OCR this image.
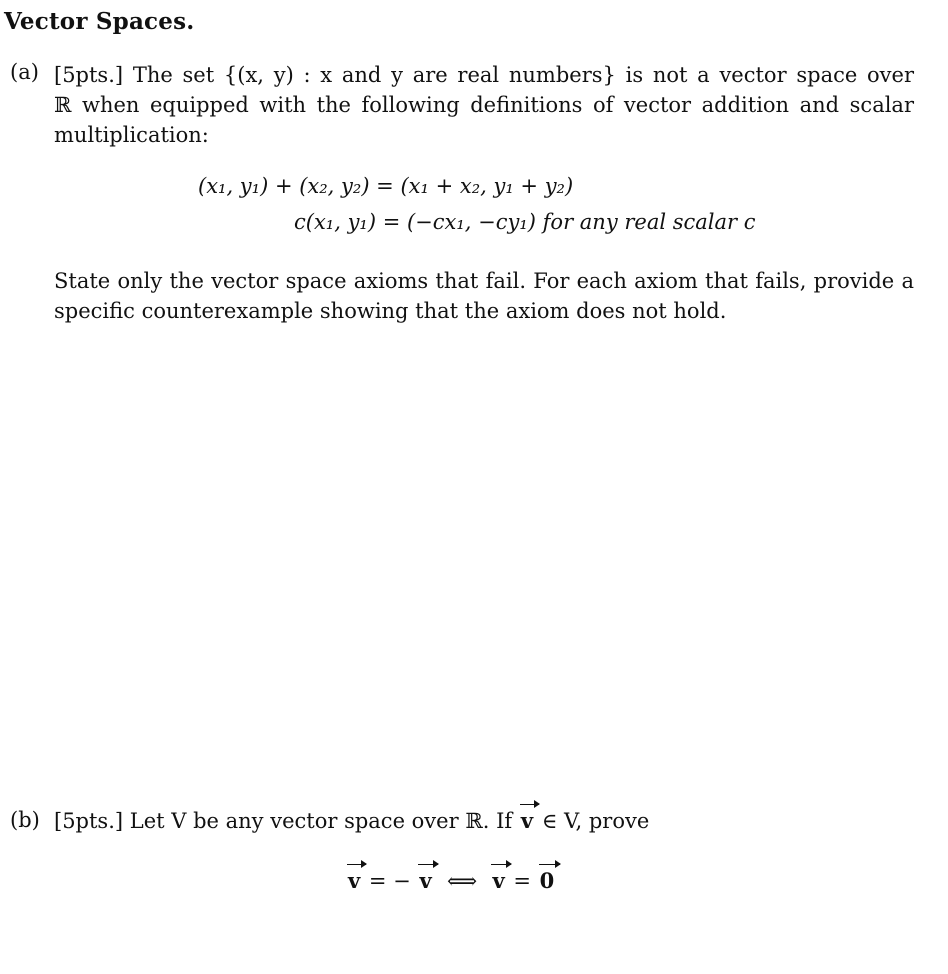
Vector Spaces.
(a) [5pts.] The set {(x, y) : x and y are real numbers} is not a vector space over
ℝ when equipped with the following definitions of vector addition and scalar
multiplication:
(x₁, y₁) + (x₂, y₂) = (x₁ + x₂, y₁ + y₂)
c(x₁, y₁) = (−cx₁, −cy₁) for any real scalar c
State only the vector space axioms that fail. For each axiom that fails, provide a
specific counterexample showing that the axiom does not hold.
(b) [5pts.] Let V be any vector space over ℝ. If v ∈ V, prove
v = − v ⟺ v = 0
